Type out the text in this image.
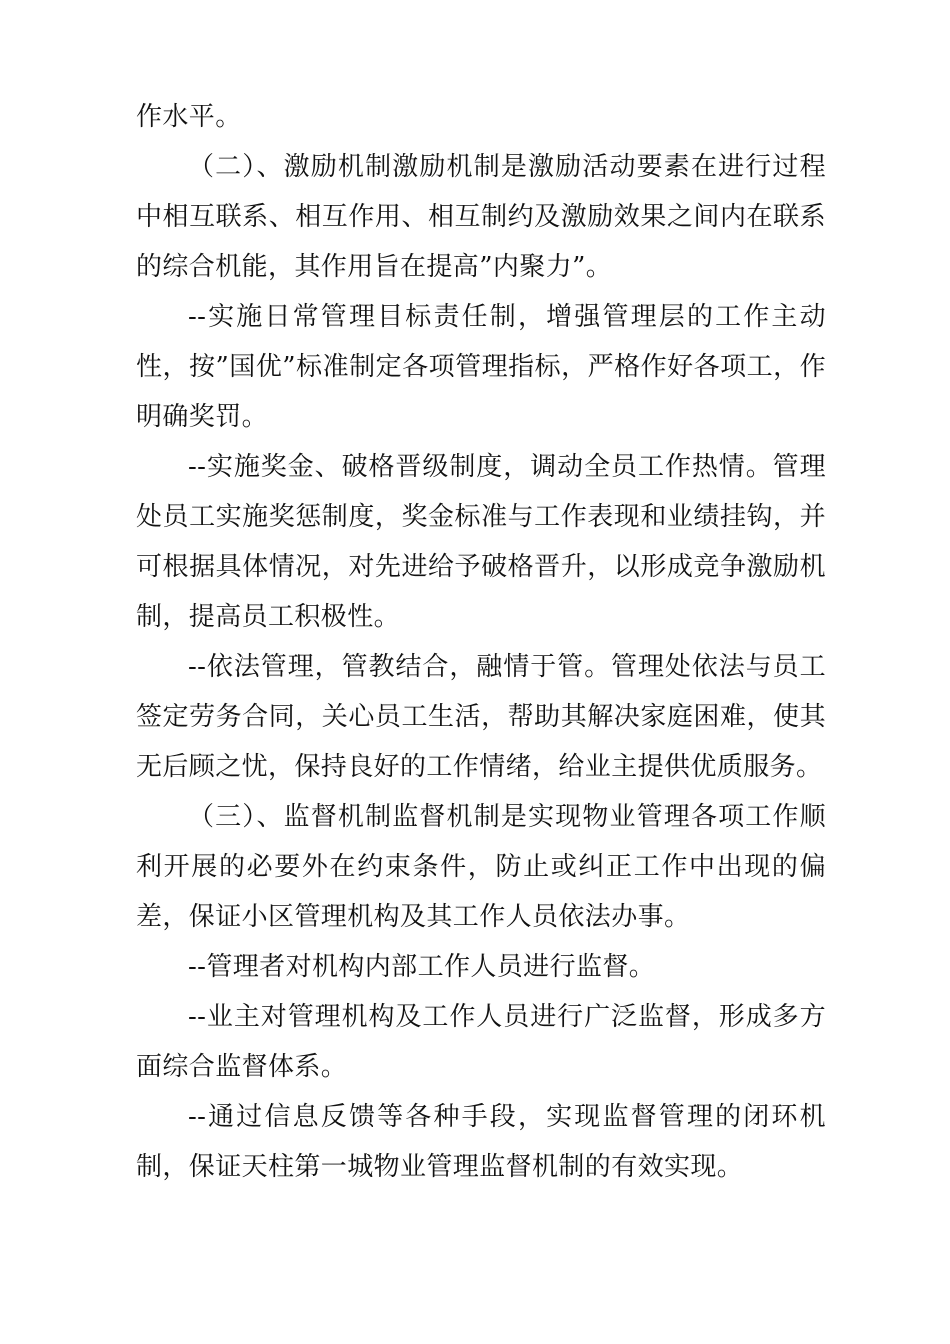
作水平。

（二）、激励机制激励机制是激励活动要素在进行过程中相互联系、相互作用、相互制约及激励效果之间内在联系的综合机能，其作用旨在提高”内聚力”。

--实施日常管理目标责任制，增强管理层的工作主动性，按”国优”标准制定各项管理指标，严格作好各项工，作明确奖罚。

--实施奖金、破格晋级制度，调动全员工作热情。管理处员工实施奖惩制度，奖金标准与工作表现和业绩挂钩，并可根据具体情况，对先进给予破格晋升，以形成竞争激励机制，提高员工积极性。

--依法管理，管教结合，融情于管。管理处依法与员工签定劳务合同，关心员工生活，帮助其解决家庭困难，使其无后顾之忧，保持良好的工作情绪，给业主提供优质服务。

（三）、监督机制监督机制是实现物业管理各项工作顺利开展的必要外在约束条件，防止或纠正工作中出现的偏差，保证小区管理机构及其工作人员依法办事。

--管理者对机构内部工作人员进行监督。

--业主对管理机构及工作人员进行广泛监督，形成多方面综合监督体系。

--通过信息反馈等各种手段，实现监督管理的闭环机制，保证天柱第一城物业管理监督机制的有效实现。
